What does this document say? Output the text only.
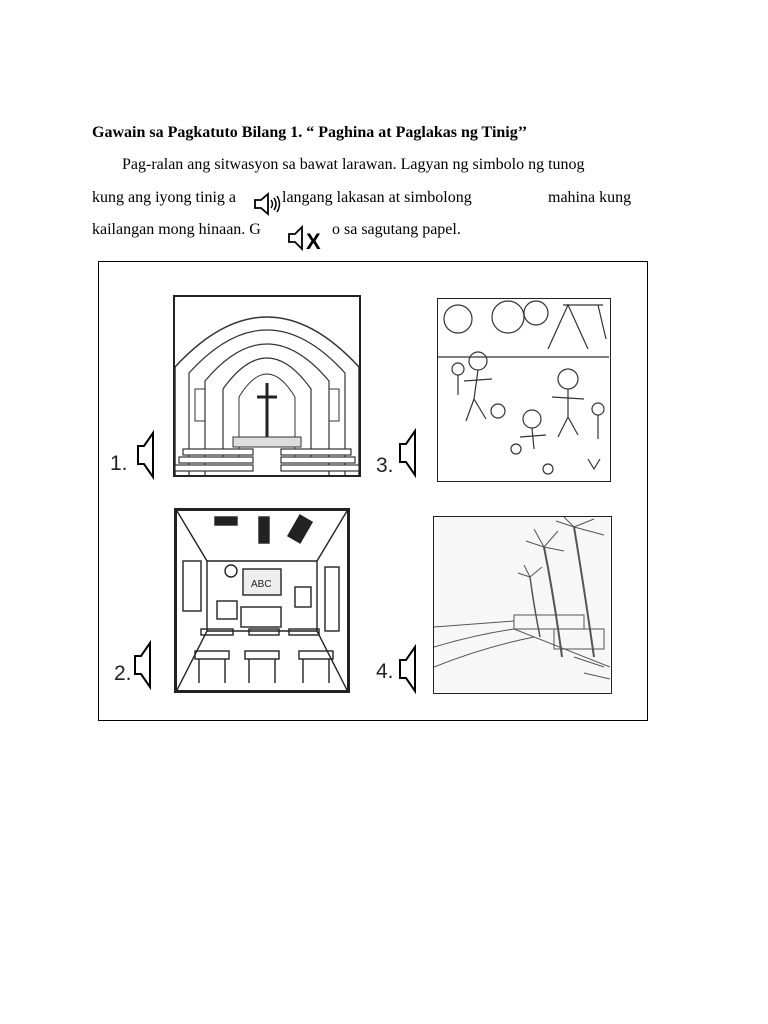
Gawain sa Pagkatuto Bilang 1. “ Paghina at Paglakas ng Tinig’’
Pag-ralan ang sitwasyon sa bawat larawan. Lagyan ng simbolo ng tunog
kung ang iyong tinig a	langang lakasan at simbolong	mahina kung
kailangan mong hinaan. G X o sa sagutang papel.
1.	3.
ABC
2.	4.
